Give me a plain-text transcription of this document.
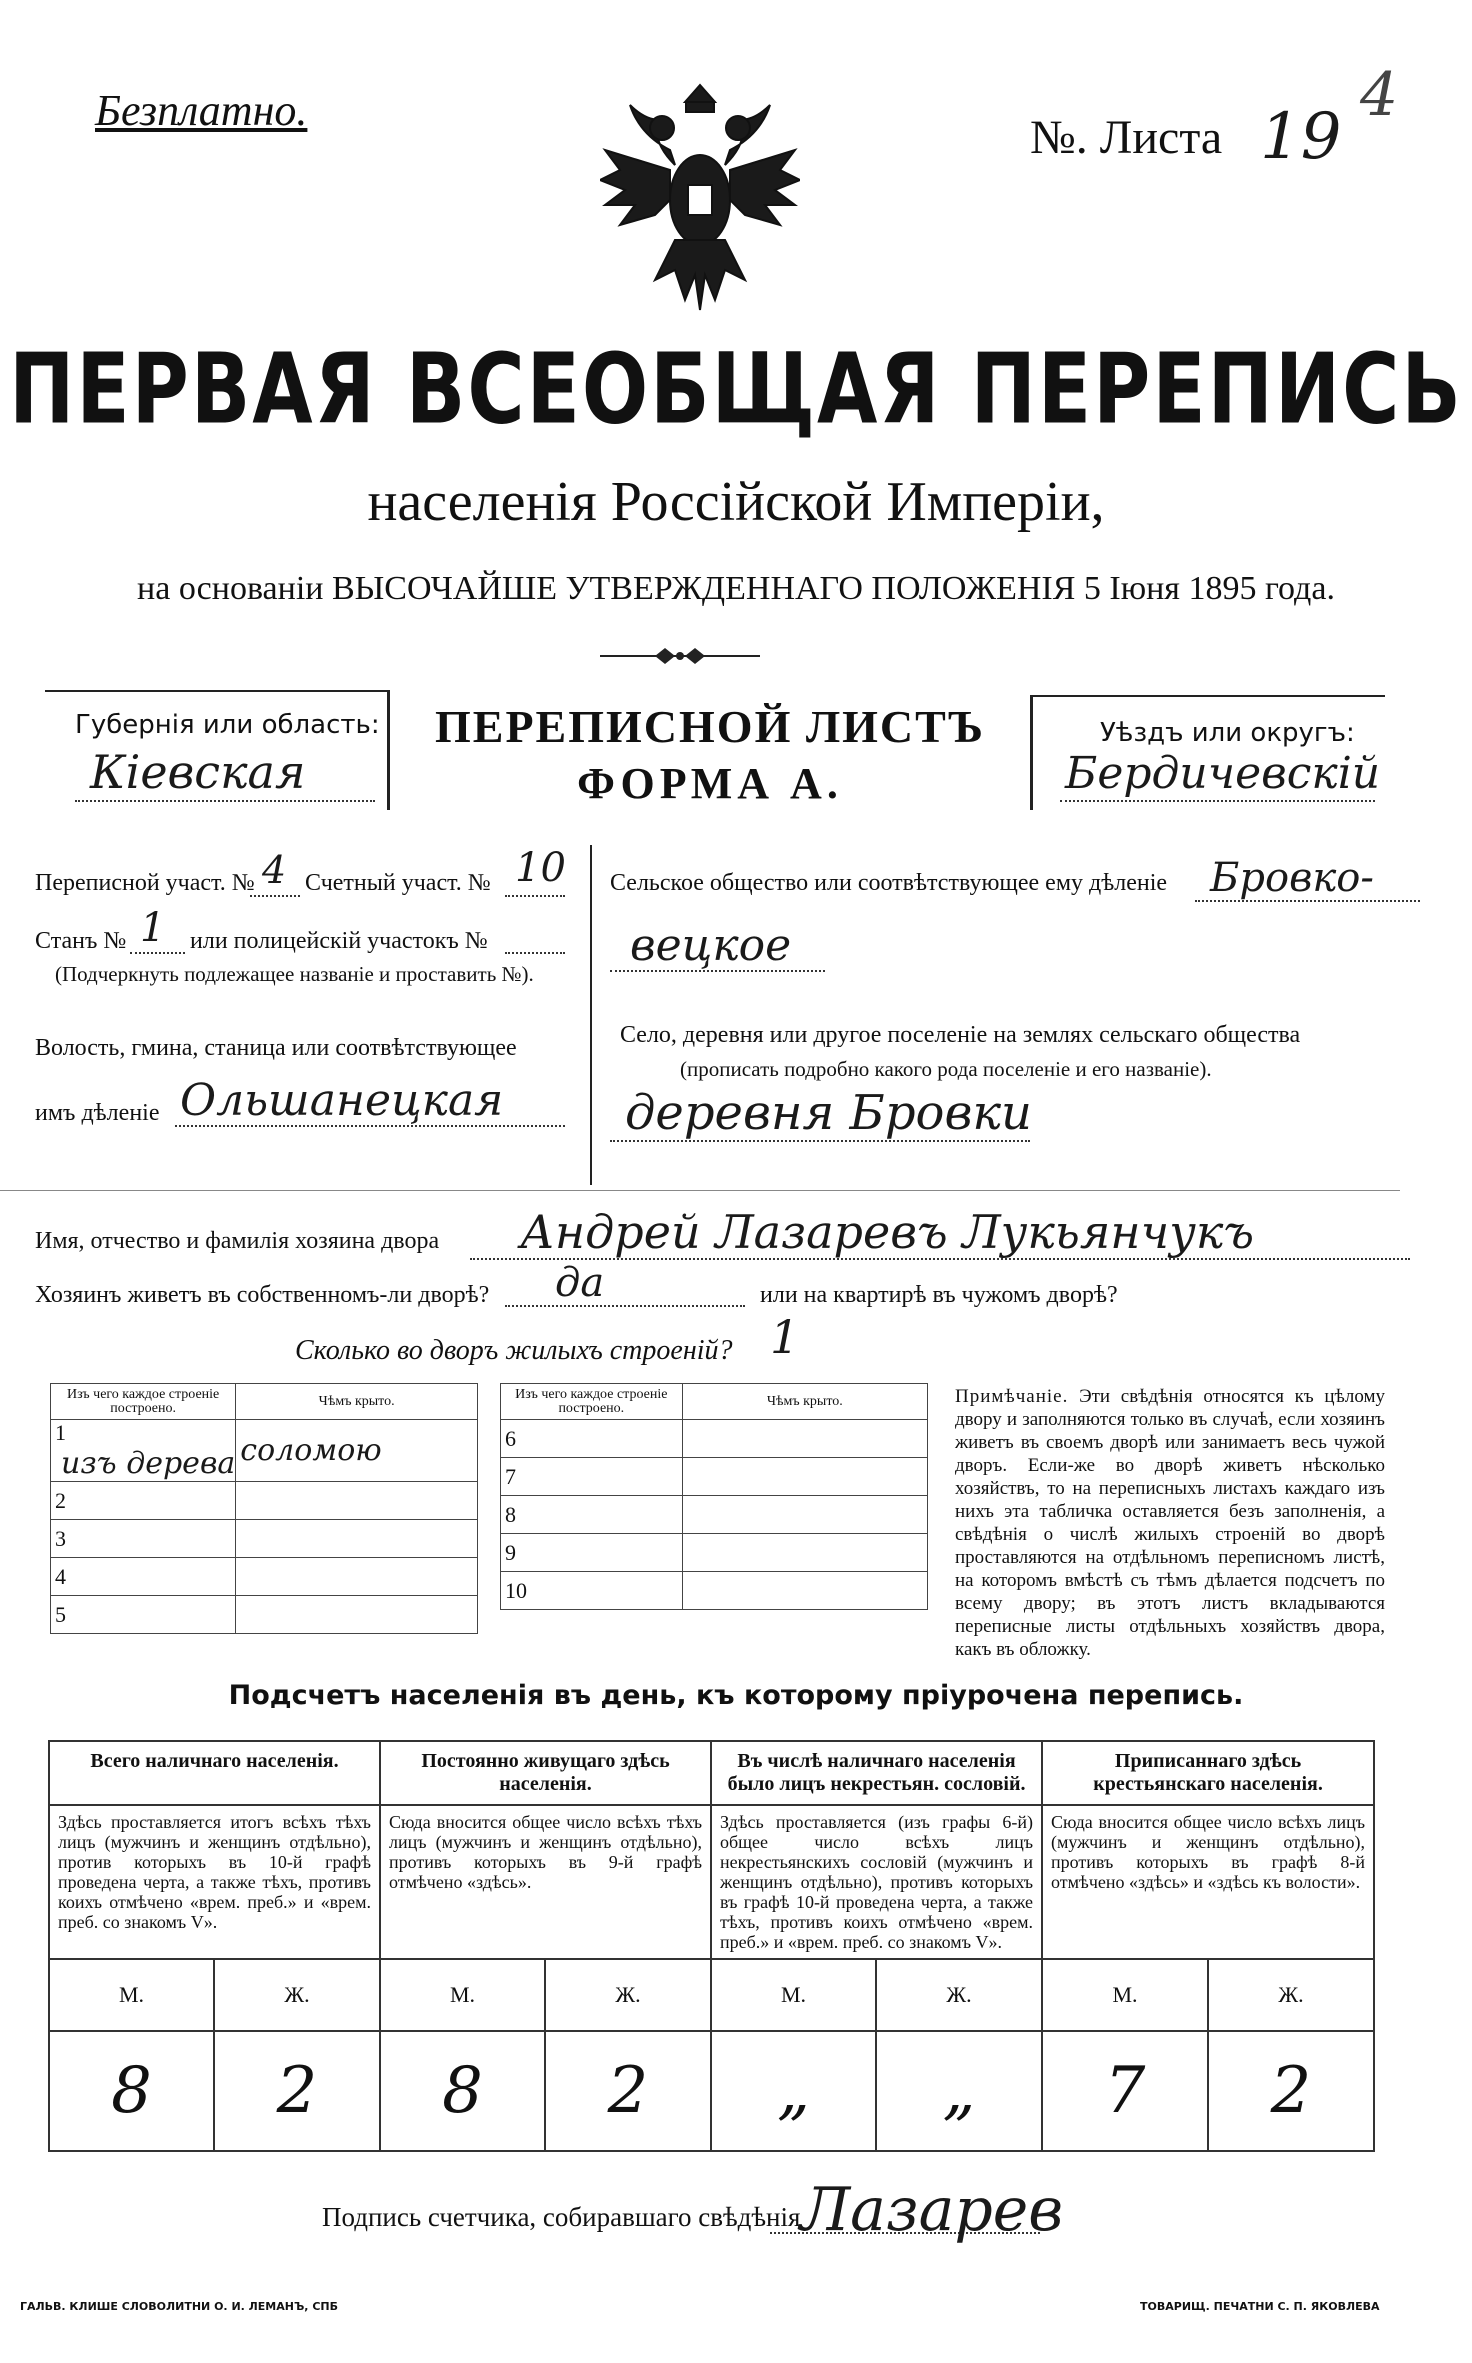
Безплатно.
№. Листа 19
4
ПЕРВАЯ ВСЕОБЩАЯ ПЕРЕПИСЬ
населенія Россійской Имперіи,
на основаніи ВЫСОЧАЙШЕ УТВЕРЖДЕННАГО ПОЛОЖЕНІЯ 5 Іюня 1895 года.
Губернія или область:
Кіевская
ПЕРЕПИСНОЙ ЛИСТЪ
ФОРМА А.
Уѣздъ или округъ:
Бердичевскій
Переписной участ. № 4 Счетный участ. № 10
Станъ № 1 или полицейскій участокъ №
(Подчеркнуть подлежащее названіе и проставить №).
Волость, гмина, станица или соотвѣтствующее
имъ дѣленіе Ольшанецкая
Сельское общество или соотвѣтствующее ему дѣленіе Бровко-
вецкое
Село, деревня или другое поселеніе на землях сельскаго общества
(прописать подробно какого рода поселеніе и его названіе).
деревня Бровки
Имя, отчество и фамилія хозяина двора Андрей Лазаревъ Лукьянчукъ
Хозяинъ живетъ въ собственномъ-ли дворѣ? да	или на квартирѣ въ чужомъ дворѣ?
Сколько во дворъ жилыхъ строеній? 1
Изъ чего каждое строеніе построено.	Чѣмъ крыто.
1 изъ дерева	соломою
2	
3	
4	
5	
Изъ чего каждое строеніе построено.	Чѣмъ крыто.
6	
7	
8	
9	
10	
Примѣчаніе. Эти свѣдѣнія относятся къ цѣлому двору и заполняются только въ случаѣ, если хозяинъ живетъ въ своемъ дворѣ или занимаетъ весь чужой дворъ. Если-же во дворѣ живетъ нѣсколько хозяйствъ, то на переписныхъ листахъ каждаго изъ нихъ эта табличка оставляется безъ заполненія, а свѣдѣнія о числѣ жилыхъ строеній во дворѣ проставляются на отдѣльномъ переписномъ листѣ, на которомъ вмѣстѣ съ тѣмъ дѣлается подсчетъ по всему двору; въ этотъ листъ вкладываются переписные листы отдѣльныхъ хозяйствъ двора, какъ въ обложку.
Подсчетъ населенія въ день, къ которому пріурочена перепись.
Всего наличнаго населенія.		Постоянно живущаго здѣсь населенія.		Въ числѣ наличнаго населенія было лицъ некрестьян. сословій.		Приписаннаго здѣсь крестьянскаго населенія.	
Здѣсь проставляется итогъ всѣхъ тѣхъ лицъ (мужчинъ и женщинъ отдѣльно), против которыхъ въ 10-й графѣ проведена черта, а также тѣхъ, противъ коихъ отмѣчено «врем. преб.» и «врем. преб. со знакомъ V».		Сюда вносится общее число всѣхъ тѣхъ лицъ (мужчинъ и женщинъ отдѣльно), противъ которыхъ въ 9-й графѣ отмѣчено «здѣсь».		Здѣсь проставляется (изъ графы 6-й) общее число всѣхъ лицъ некрестьянскихъ сословій (мужчинъ и женщинъ отдѣльно), противъ которыхъ въ графѣ 10-й проведена черта, а также тѣхъ, противъ коихъ отмѣчено «врем. преб.» и «врем. преб. со знакомъ V».		Сюда вносится общее число всѣхъ лицъ (мужчинъ и женщинъ отдѣльно), противъ которыхъ въ графѣ 8-й отмѣчено «здѣсь» и «здѣсь къ волости».	
М.	Ж.	М.	Ж.	М.	Ж.	М.	Ж.
8	2	8	2	„	„	7	2
Подпись счетчика, собиравшаго свѣдѣнія Лазарев
ГАЛЬВ. КЛИШЕ СЛОВОЛИТНИ О. И. ЛЕМАНЪ, СПБ	ТОВАРИЩ. ПЕЧАТНИ С. П. ЯКОВЛЕВА
